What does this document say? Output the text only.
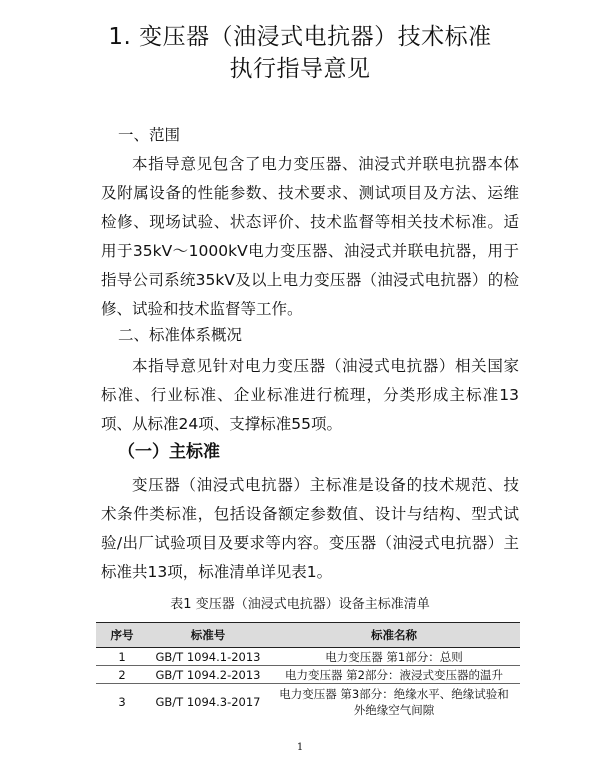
1. 变压器（油浸式电抗器）技术标准
执行指导意见
一、范围
本指导意见包含了电力变压器、油浸式并联电抗器本体及附属设备的性能参数、技术要求、测试项目及方法、运维检修、现场试验、状态评价、技术监督等相关技术标准。适用于35kV～1000kV电力变压器、油浸式并联电抗器，用于指导公司系统35kV及以上电力变压器（油浸式电抗器）的检修、试验和技术监督等工作。
二、标准体系概况
本指导意见针对电力变压器（油浸式电抗器）相关国家标准、行业标准、企业标准进行梳理，分类形成主标准13项、从标准24项、支撑标准55项。
（一）主标准
变压器（油浸式电抗器）主标准是设备的技术规范、技术条件类标准，包括设备额定参数值、设计与结构、型式试验/出厂试验项目及要求等内容。变压器（油浸式电抗器）主标准共13项，标准清单详见表1。
表1 变压器（油浸式电抗器）设备主标准清单
序号	标准号	标准名称
1	GB/T 1094.1-2013	电力变压器 第1部分：总则
2	GB/T 1094.2-2013	电力变压器 第2部分：液浸式变压器的温升
3	GB/T 1094.3-2017	电力变压器 第3部分：绝缘水平、绝缘试验和外绝缘空气间隙
1
